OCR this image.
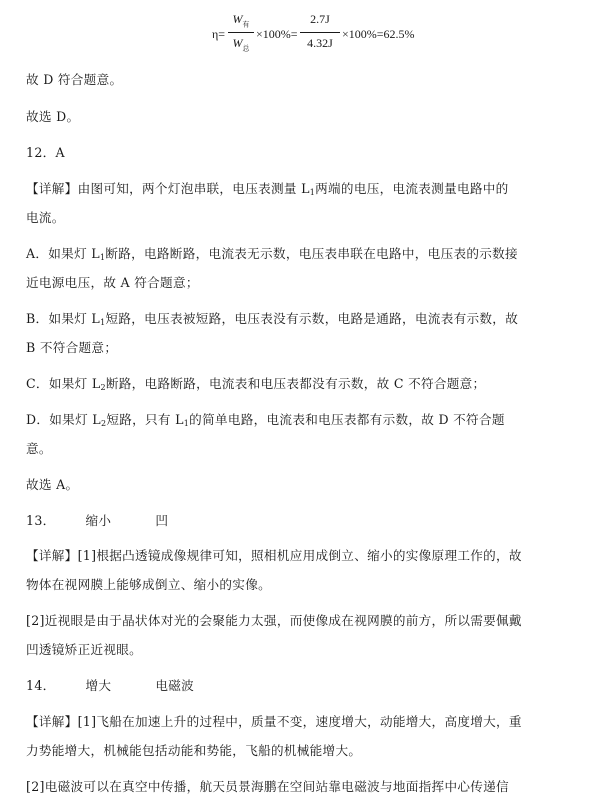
η=
$W_有$
$W_总$
×100%=
2.7J
4.32J
×100%=62.5%
故 D 符合题意。
故选 D。
12．A
【详解】由图可知，两个灯泡串联，电压表测量 $L_1$两端的电压，电流表测量电路中的
电流。
A．如果灯 $L_1$断路，电路断路，电流表无示数，电压表串联在电路中，电压表的示数接
近电源电压，故 A 符合题意；
B．如果灯 $L_1$短路，电压表被短路，电压表没有示数，电路是通路，电流表有示数，故
B 不符合题意；
C．如果灯 $L_2$断路，电路断路，电流表和电压表都没有示数，故 C 不符合题意；
D．如果灯 $L_2$短路，只有 $L_1$的简单电路，电流表和电压表都有示数，故 D 不符合题
意。
故选 A。
13． 缩小	凹
【详解】[1]根据凸透镜成像规律可知，照相机应用成倒立、缩小的实像原理工作的，故
物体在视网膜上能够成倒立、缩小的实像。
[2]近视眼是由于晶状体对光的会聚能力太强，而使像成在视网膜的前方，所以需要佩戴
凹透镜矫正近视眼。
14． 增大	电磁波
【详解】[1]飞船在加速上升的过程中，质量不变，速度增大，动能增大，高度增大，重
力势能增大，机械能包括动能和势能，飞船的机械能增大。
[2]电磁波可以在真空中传播，航天员景海鹏在空间站靠电磁波与地面指挥中心传递信
